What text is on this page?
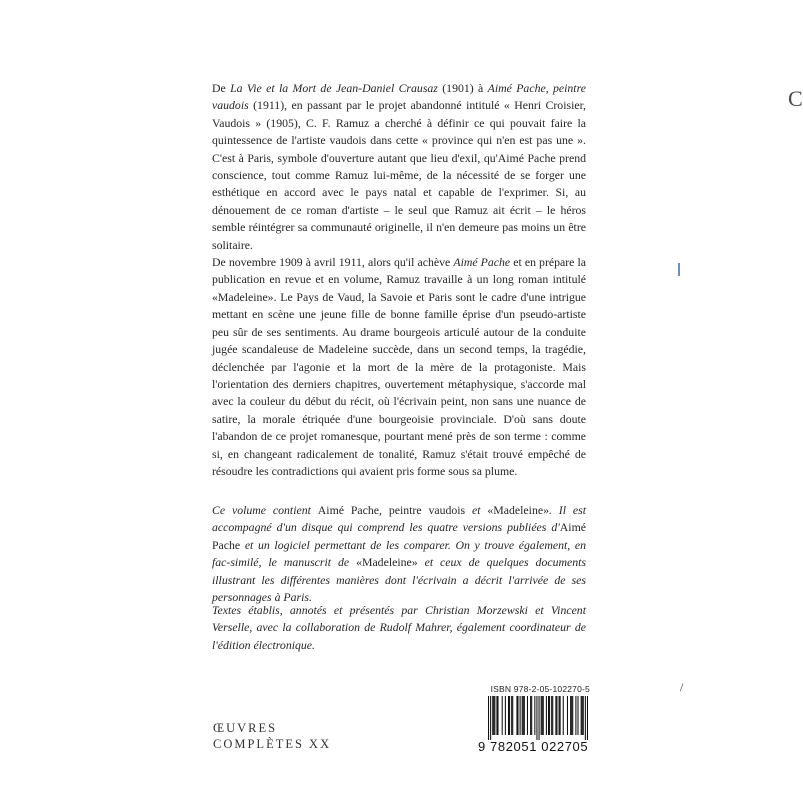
De La Vie et la Mort de Jean-Daniel Crausaz (1901) à Aimé Pache, peintre vaudois (1911), en passant par le projet abandonné intitulé « Henri Croisier, Vaudois » (1905), C. F. Ramuz a cherché à définir ce qui pouvait faire la quintessence de l'artiste vaudois dans cette « province qui n'en est pas une ». C'est à Paris, symbole d'ouverture autant que lieu d'exil, qu'Aimé Pache prend conscience, tout comme Ramuz lui-même, de la nécessité de se forger une esthétique en accord avec le pays natal et capable de l'exprimer. Si, au dénouement de ce roman d'artiste – le seul que Ramuz ait écrit – le héros semble réintégrer sa communauté originelle, il n'en demeure pas moins un être solitaire.

De novembre 1909 à avril 1911, alors qu'il achève Aimé Pache et en prépare la publication en revue et en volume, Ramuz travaille à un long roman intitulé «Madeleine». Le Pays de Vaud, la Savoie et Paris sont le cadre d'une intrigue mettant en scène une jeune fille de bonne famille éprise d'un pseudo-artiste peu sûr de ses sentiments. Au drame bourgeois articulé autour de la conduite jugée scandaleuse de Madeleine succède, dans un second temps, la tragédie, déclenchée par l'agonie et la mort de la mère de la protagoniste. Mais l'orientation des derniers chapitres, ouvertement métaphysique, s'accorde mal avec la couleur du début du récit, où l'écrivain peint, non sans une nuance de satire, la morale étriquée d'une bourgeoisie provinciale. D'où sans doute l'abandon de ce projet romanesque, pourtant mené près de son terme : comme si, en changeant radicalement de tonalité, Ramuz s'était trouvé empêché de résoudre les contradictions qui avaient pris forme sous sa plume.

Ce volume contient Aimé Pache, peintre vaudois et «Madeleine». Il est accompagné d'un disque qui comprend les quatre versions publiées d'Aimé Pache et un logiciel permettant de les comparer. On y trouve également, en fac-similé, le manuscrit de «Madeleine» et ceux de quelques documents illustrant les différentes manières dont l'écrivain a décrit l'arrivée de ses personnages à Paris.

Textes établis, annotés et présentés par Christian Morzewski et Vincent Verselle, avec la collaboration de Rudolf Mahrer, également coordinateur de l'édition électronique.

C
/
ŒUVRES
COMPLÈTES XX
ISBN 978-2-05-102270-5
9 782051 022705
